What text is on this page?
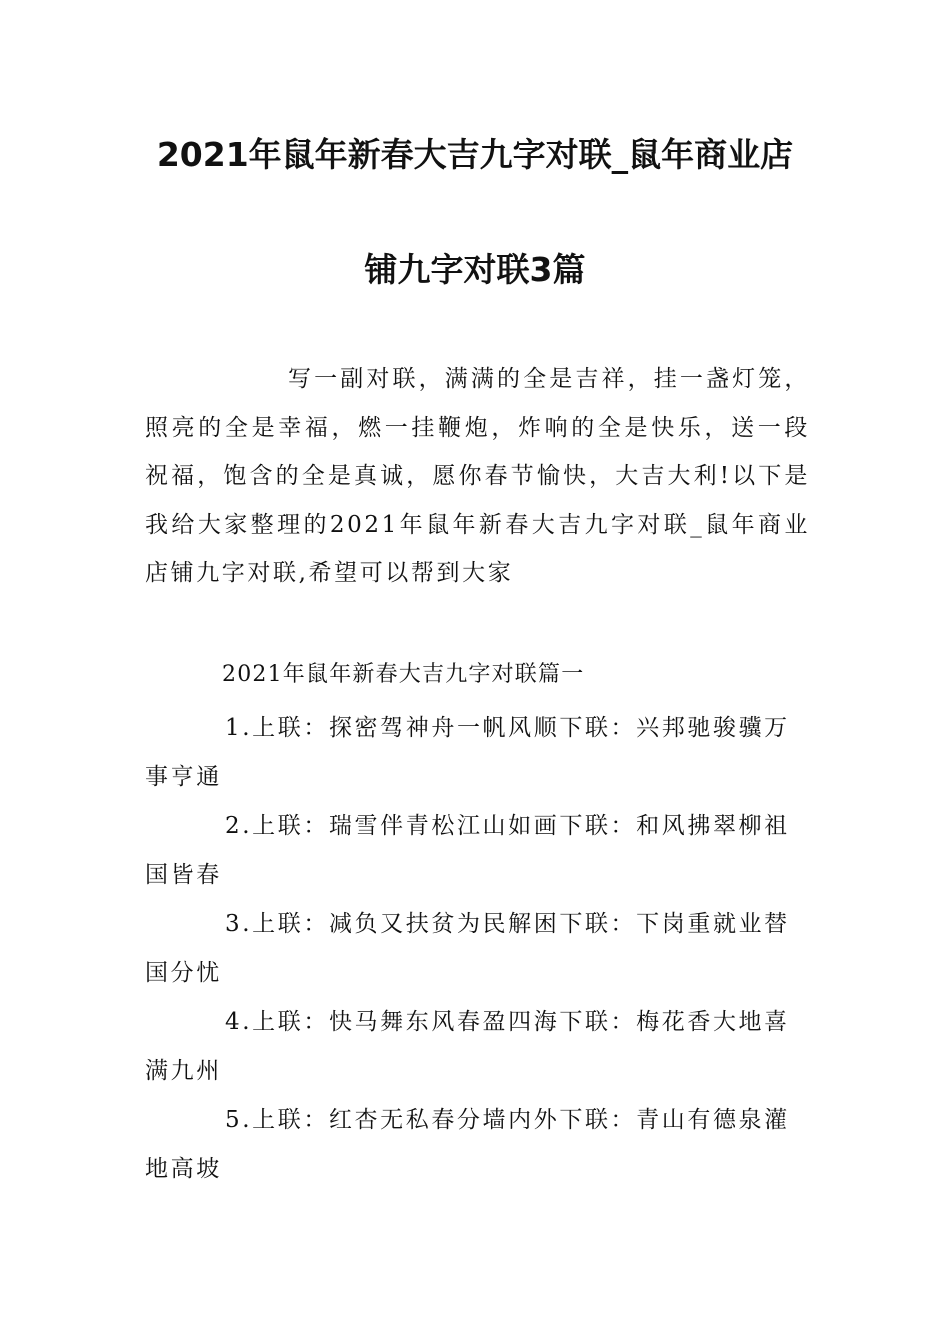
2021年鼠年新春大吉九字对联_鼠年商业店
铺九字对联3篇

写一副对联，满满的全是吉祥，挂一盏灯笼，照亮的全是幸福，燃一挂鞭炮，炸响的全是快乐，送一段祝福，饱含的全是真诚，愿你春节愉快，大吉大利!以下是我给大家整理的2021年鼠年新春大吉九字对联_鼠年商业店铺九字对联,希望可以帮到大家

2021年鼠年新春大吉九字对联篇一
1.上联：探密驾神舟一帆风顺下联：兴邦驰骏骥万事亨通
2.上联：瑞雪伴青松江山如画下联：和风拂翠柳祖国皆春
3.上联：减负又扶贫为民解困下联：下岗重就业替国分忧
4.上联：快马舞东风春盈四海下联：梅花香大地喜满九州
5.上联：红杏无私春分墙内外下联：青山有德泉灌地高坡
